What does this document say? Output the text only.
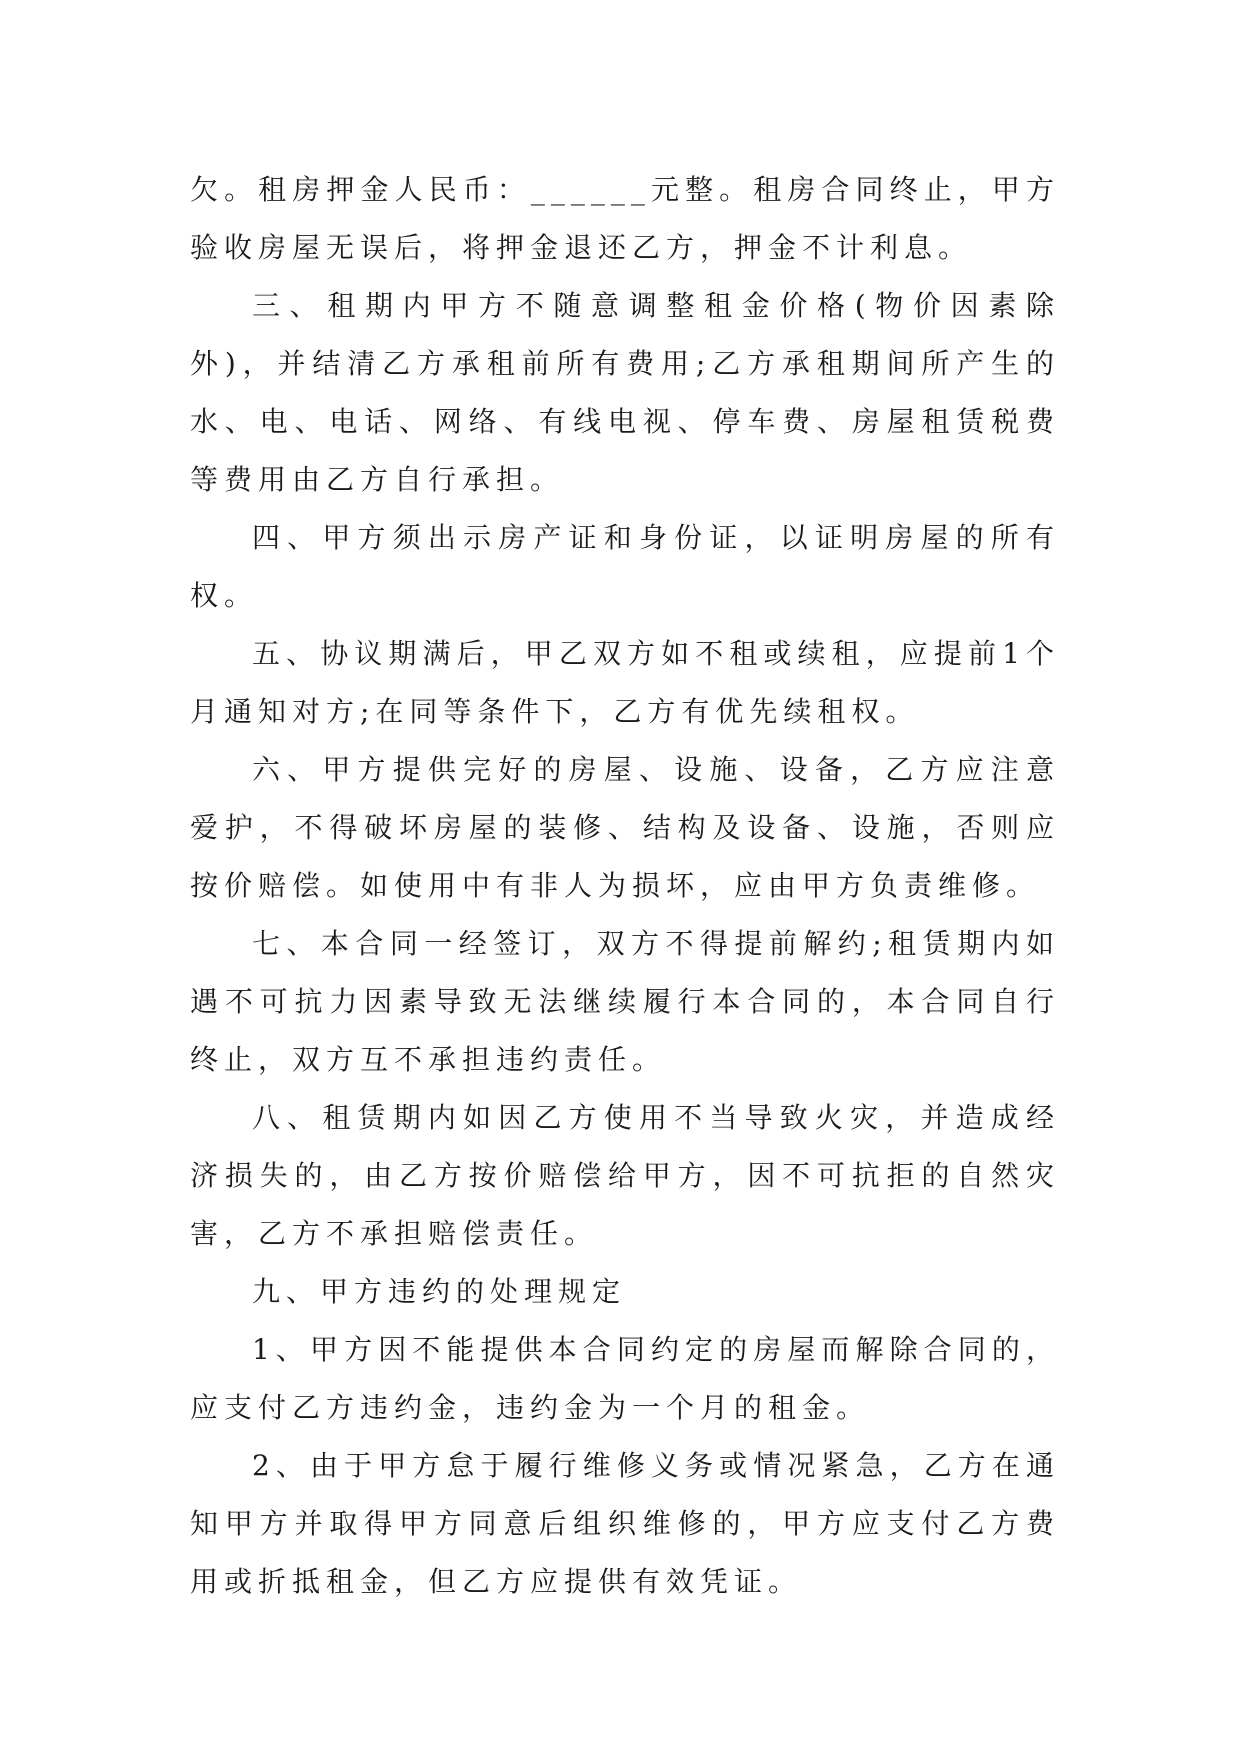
欠。租房押金人民币：______元整。租房合同终止，甲方验收房屋无误后，将押金退还乙方，押金不计利息。

三、租期内甲方不随意调整租金价格(物价因素除外)，并结清乙方承租前所有费用;乙方承租期间所产生的水、电、电话、网络、有线电视、停车费、房屋租赁税费等费用由乙方自行承担。

四、甲方须出示房产证和身份证，以证明房屋的所有权。

五、协议期满后，甲乙双方如不租或续租，应提前1个月通知对方;在同等条件下，乙方有优先续租权。

六、甲方提供完好的房屋、设施、设备，乙方应注意爱护，不得破坏房屋的装修、结构及设备、设施，否则应按价赔偿。如使用中有非人为损坏，应由甲方负责维修。

七、本合同一经签订，双方不得提前解约;租赁期内如遇不可抗力因素导致无法继续履行本合同的，本合同自行终止，双方互不承担违约责任。

八、租赁期内如因乙方使用不当导致火灾，并造成经济损失的，由乙方按价赔偿给甲方，因不可抗拒的自然灾害，乙方不承担赔偿责任。

九、甲方违约的处理规定

1、甲方因不能提供本合同约定的房屋而解除合同的，应支付乙方违约金，违约金为一个月的租金。

2、由于甲方怠于履行维修义务或情况紧急，乙方在通知甲方并取得甲方同意后组织维修的，甲方应支付乙方费用或折抵租金，但乙方应提供有效凭证。
